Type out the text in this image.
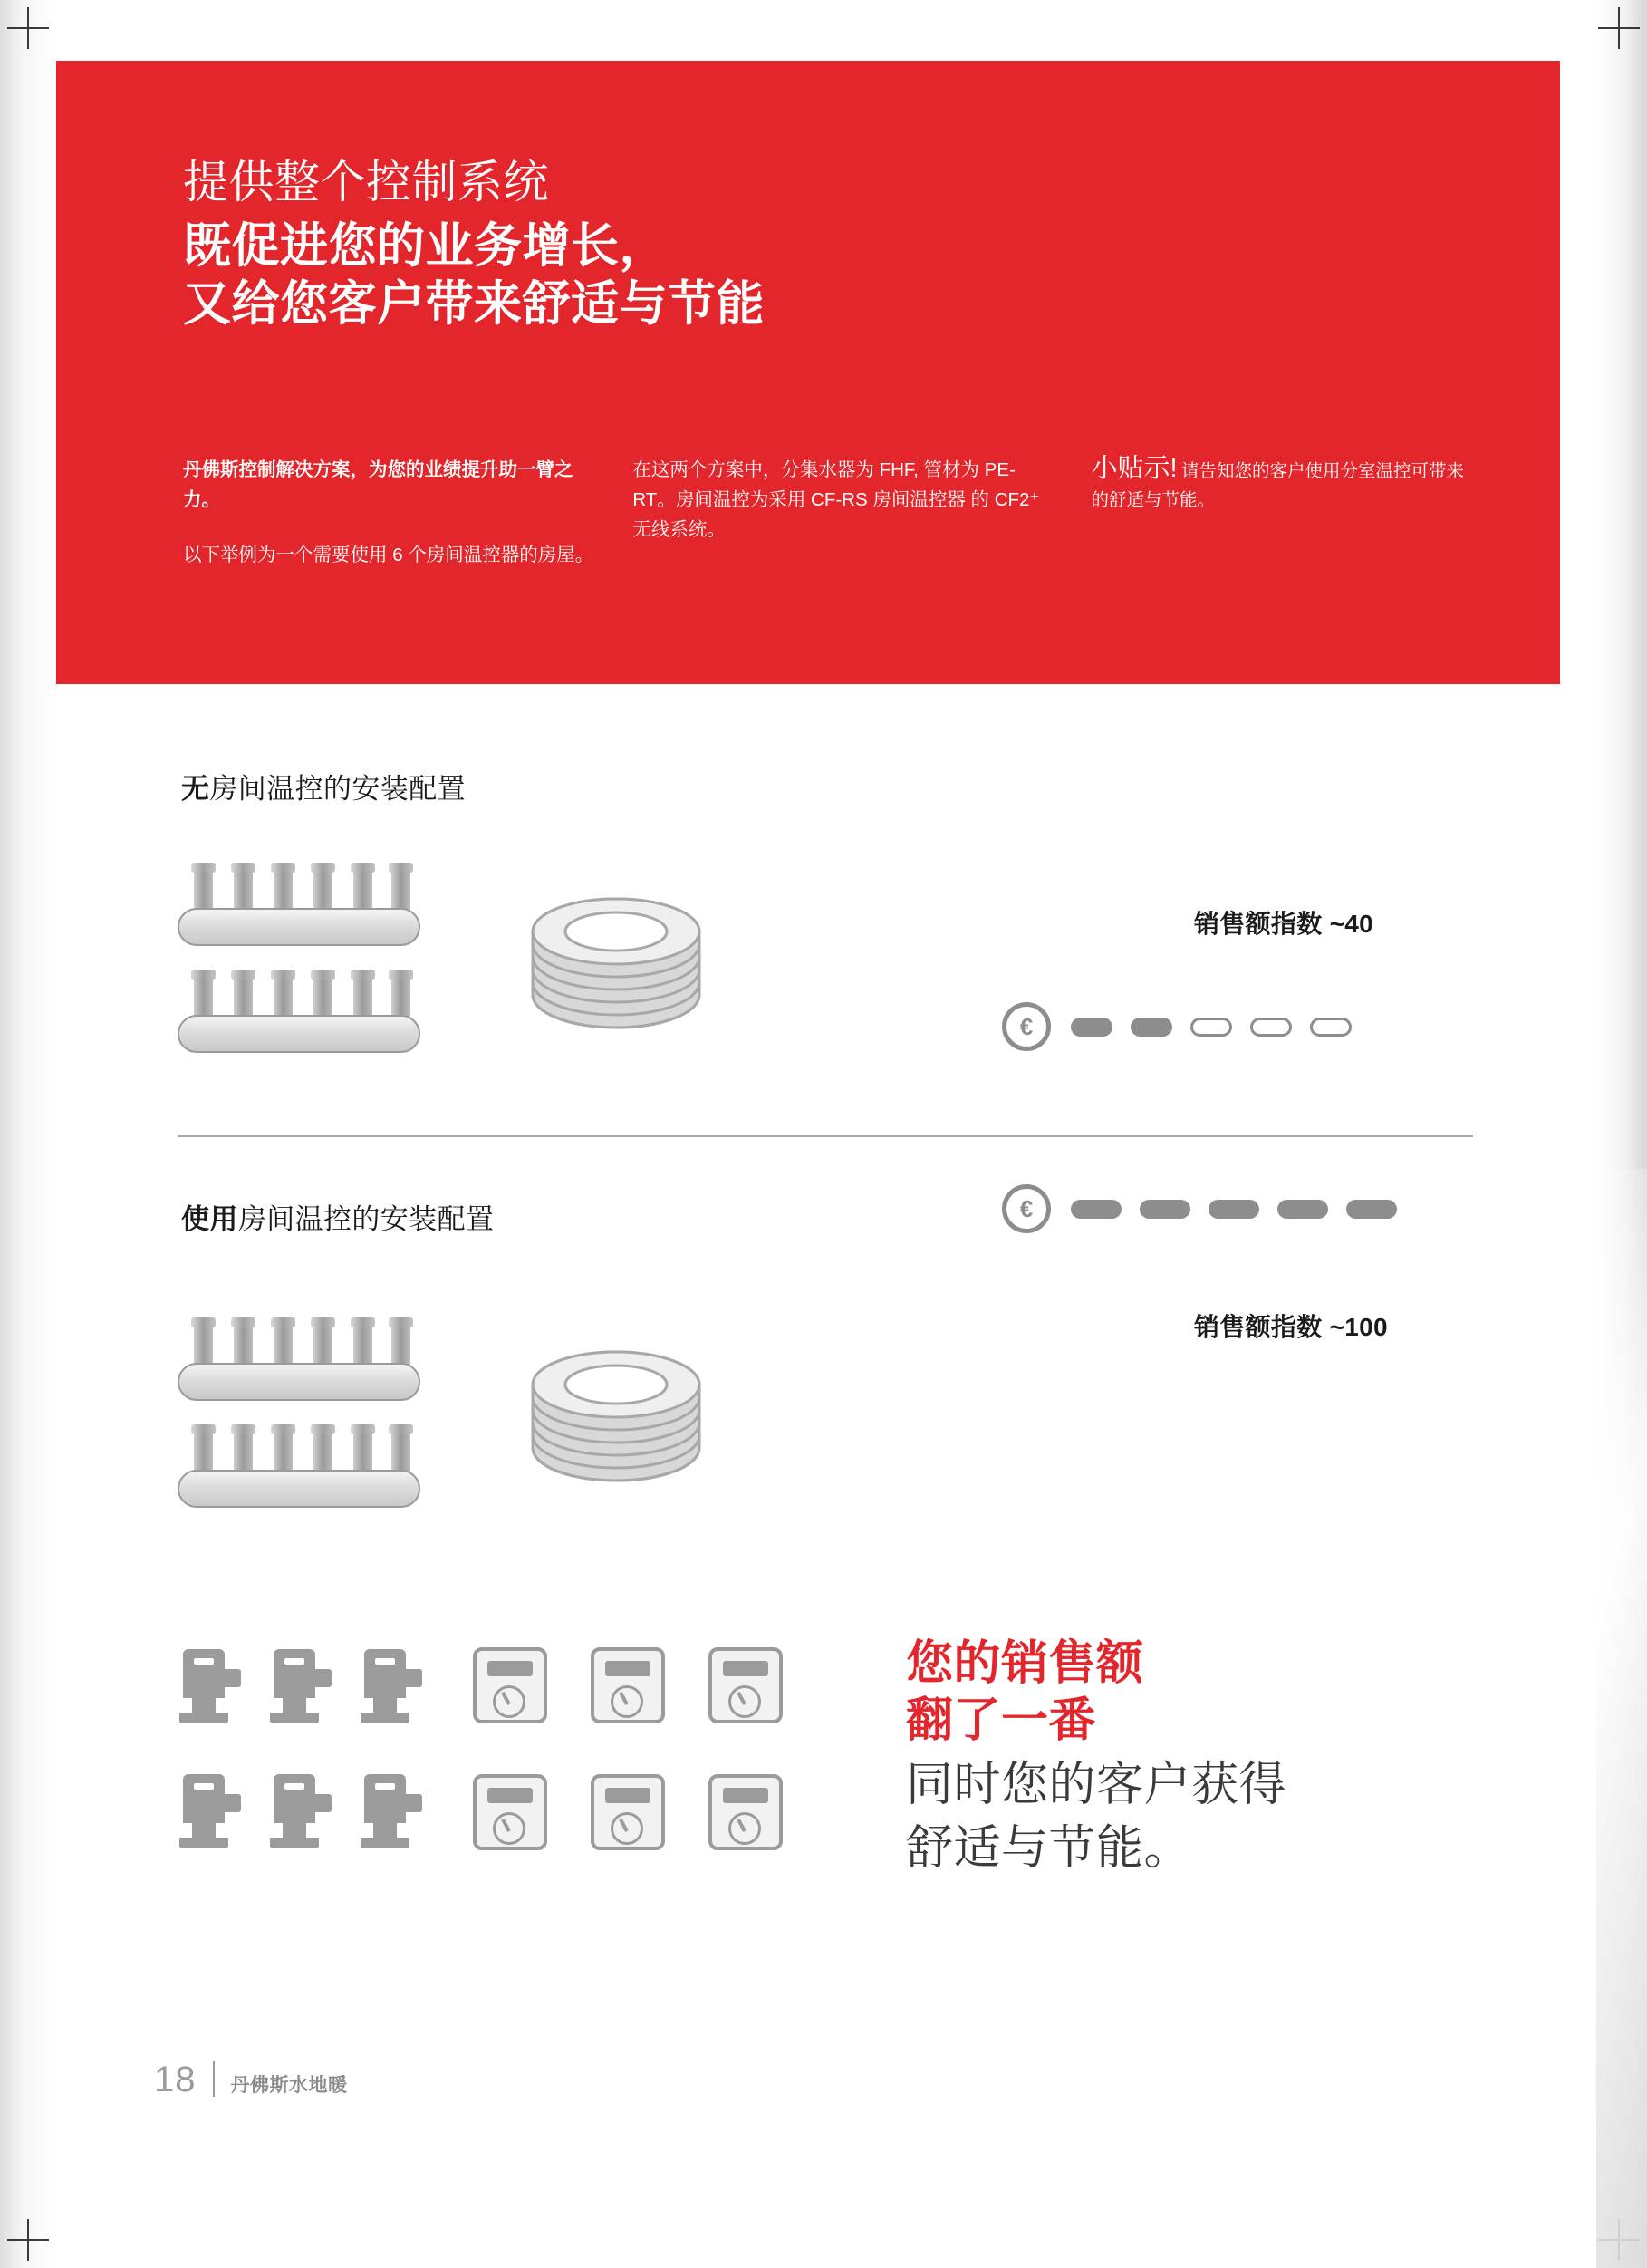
提供整个控制系统
既促进您的业务增长，
又给您客户带来舒适与节能
丹佛斯控制解决方案，为您的业绩提升助一臂之力。
以下举例为一个需要使用 6 个房间温控器的房屋。
在这两个方案中，分集水器为 FHF, 管材为 PE-RT。房间温控为采用 CF-RS 房间温控器 的 CF2⁺ 无线系统。
小贴示! 请告知您的客户使用分室温控可带来的舒适与节能。
无房间温控的安装配置
销售额指数 ~40
€
使用房间温控的安装配置	€
销售额指数 ~100
您的销售额
翻了一番
同时您的客户获得
舒适与节能。
18 丹佛斯水地暖
